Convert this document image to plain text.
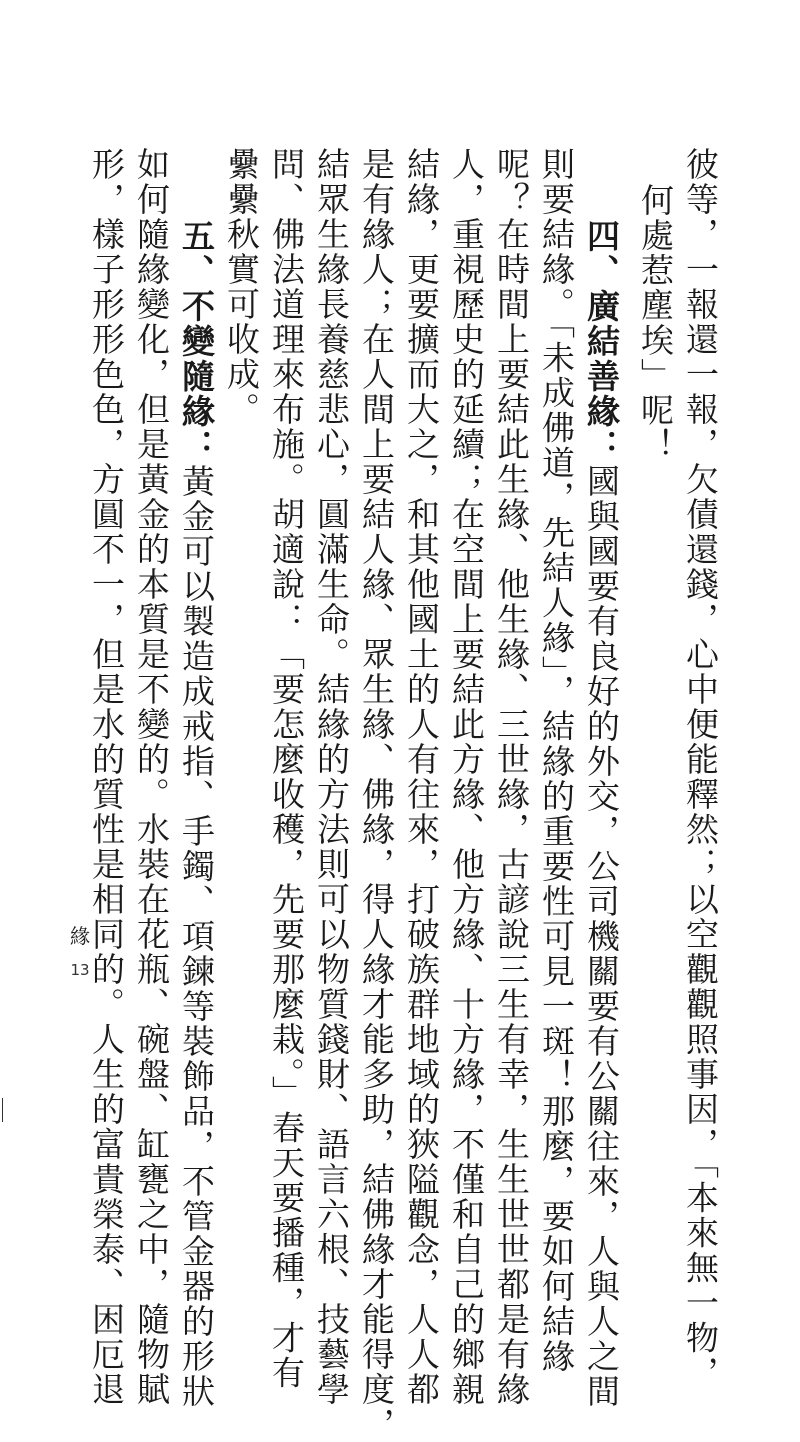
彼等，一報還一報，欠債還錢，心中便能釋然；以空觀觀照事因，「本來無一物，
何處惹塵埃」呢！
四、廣結善緣：國與國要有良好的外交，公司機關要有公關往來，人與人之間
則要結緣。「未成佛道，先結人緣」，結緣的重要性可見一斑！那麼，要如何結緣
呢？在時間上要結此生緣、他生緣、三世緣，古諺說三生有幸，生生世世都是有緣
人，重視歷史的延續；在空間上要結此方緣、他方緣、十方緣，不僅和自己的鄉親
結緣，更要擴而大之，和其他國土的人有往來，打破族群地域的狹隘觀念，人人都
是有緣人；在人間上要結人緣、眾生緣、佛緣，得人緣才能多助，結佛緣才能得度，
結眾生緣長養慈悲心，圓滿生命。結緣的方法則可以物質錢財、語言六根、技藝學
問、佛法道理來布施。胡適說：「要怎麼收穫，先要那麼栽。」春天要播種，才有
纍纍秋實可收成。
五、不變隨緣：黃金可以製造成戒指、手鐲、項鍊等裝飾品，不管金器的形狀
如何隨緣變化，但是黃金的本質是不變的。水裝在花瓶、碗盤、缸甕之中，隨物賦
形，樣子形形色色，方圓不一，但是水的質性是相同的。人生的富貴榮泰、困厄退
緣
13
